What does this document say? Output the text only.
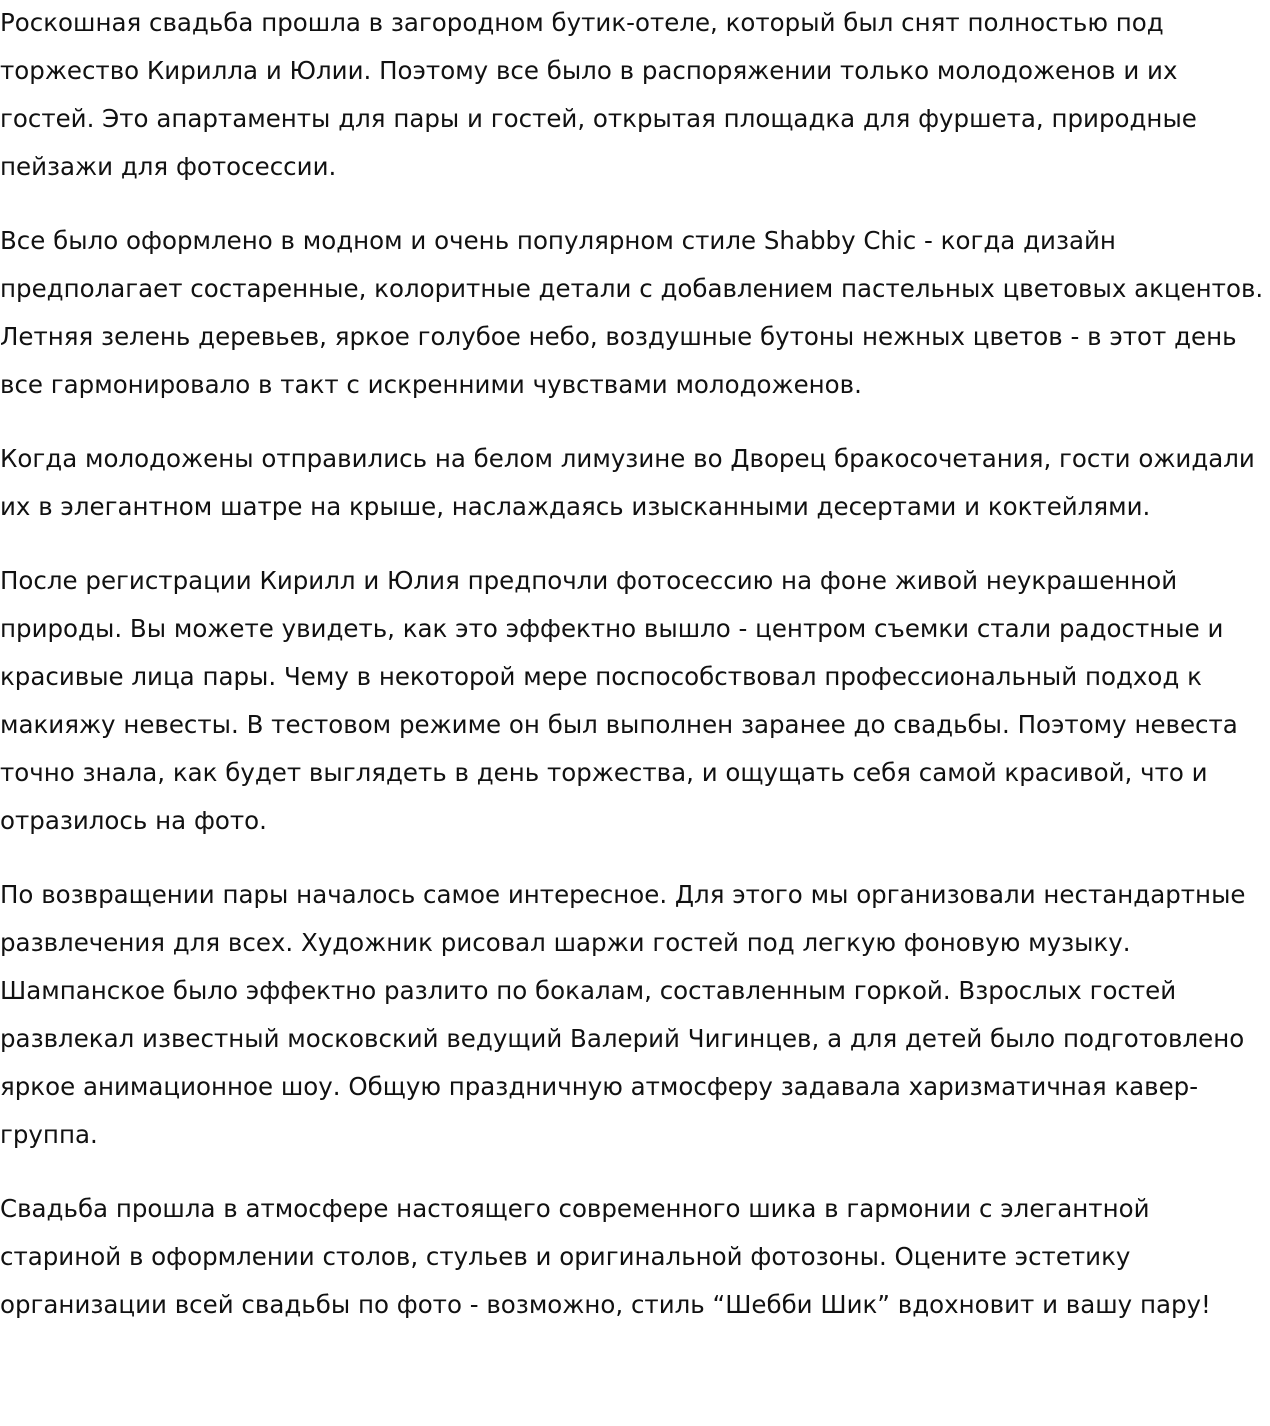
Роскошная свадьба прошла в загородном бутик-отеле, который был снят полностью под торжество Кирилла и Юлии. Поэтому все было в распоряжении только молодоженов и их гостей. Это апартаменты для пары и гостей, открытая площадка для фуршета, природные пейзажи для фотосессии.

Все было оформлено в модном и очень популярном стиле Shabby Chic - когда дизайн предполагает состаренные, колоритные детали с добавлением пастельных цветовых акцентов. Летняя зелень деревьев, яркое голубое небо, воздушные бутоны нежных цветов - в этот день все гармонировало в такт с искренними чувствами молодоженов.

Когда молодожены отправились на белом лимузине во Дворец бракосочетания, гости ожидали их в элегантном шатре на крыше, наслаждаясь изысканными десертами и коктейлями.

После регистрации Кирилл и Юлия предпочли фотосессию на фоне живой неукрашенной природы. Вы можете увидеть, как это эффектно вышло - центром съемки стали радостные и красивые лица пары. Чему в некоторой мере поспособствовал профессиональный подход к макияжу невесты. В тестовом режиме он был выполнен заранее до свадьбы. Поэтому невеста точно знала, как будет выглядеть в день торжества, и ощущать себя самой красивой, что и отразилось на фото.

По возвращении пары началось самое интересное. Для этого мы организовали нестандартные развлечения для всех. Художник рисовал шаржи гостей под легкую фоновую музыку. Шампанское было эффектно разлито по бокалам, составленным горкой. Взрослых гостей развлекал известный московский ведущий Валерий Чигинцев, а для детей было подготовлено яркое анимационное шоу. Общую праздничную атмосферу задавала харизматичная кавер-группа.

Свадьба прошла в атмосфере настоящего современного шика в гармонии с элегантной стариной в оформлении столов, стульев и оригинальной фотозоны. Оцените эстетику организации всей свадьбы по фото - возможно, стиль “Шебби Шик” вдохновит и вашу пару!
